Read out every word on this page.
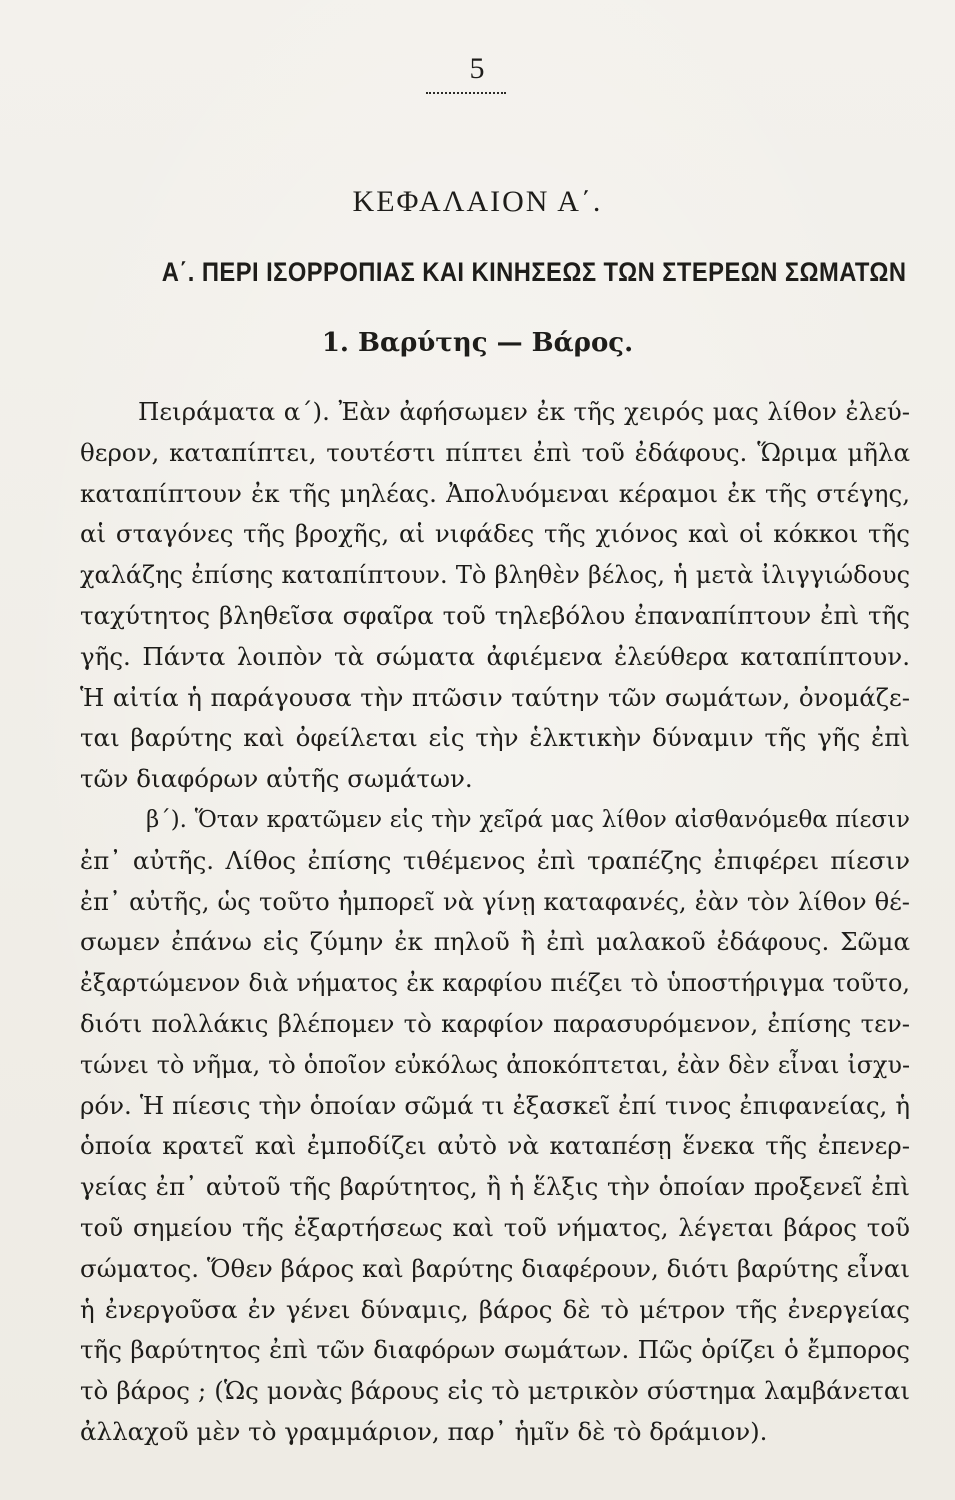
5
ΚΕΦΑΛΑΙΟΝ Α΄.
Α΄. ΠΕΡΙ ΙΣΟΡΡΟΠΙΑΣ ΚΑΙ ΚΙΝΗΣΕΩΣ ΤΩΝ ΣΤΕΡΕΩΝ ΣΩΜΑΤΩΝ
1. Βαρύτης — Βάρος.
Πειράματα α΄). Ἐὰν ἀφήσωμεν ἐκ τῆς χειρός μας λίθον ἐλεύ-
θερον, καταπίπτει, τουτέστι πίπτει ἐπὶ τοῦ ἐδάφους. Ὥριμα μῆλα
καταπίπτουν ἐκ τῆς μηλέας. Ἀπολυόμεναι κέραμοι ἐκ τῆς στέγης,
αἱ σταγόνες τῆς βροχῆς, αἱ νιφάδες τῆς χιόνος καὶ οἱ κόκκοι τῆς
χαλάζης ἐπίσης καταπίπτουν. Τὸ βληθὲν βέλος, ἡ μετὰ ἰλιγγιώδους
ταχύτητος βληθεῖσα σφαῖρα τοῦ τηλεβόλου ἐπαναπίπτουν ἐπὶ τῆς
γῆς. Πάντα λοιπὸν τὰ σώματα ἀφιέμενα ἐλεύθερα καταπίπτουν.
Ἡ αἰτία ἡ παράγουσα τὴν πτῶσιν ταύτην τῶν σωμάτων, ὀνομάζε-
ται βαρύτης καὶ ὀφείλεται εἰς τὴν ἑλκτικὴν δύναμιν τῆς γῆς ἐπὶ
τῶν διαφόρων αὐτῆς σωμάτων.
β΄). Ὅταν κρατῶμεν εἰς τὴν χεῖρά μας λίθον αἰσθανόμεθα πίεσιν
ἐπ᾽ αὐτῆς. Λίθος ἐπίσης τιθέμενος ἐπὶ τραπέζης ἐπιφέρει πίεσιν
ἐπ᾽ αὐτῆς, ὡς τοῦτο ἠμπορεῖ νὰ γίνῃ καταφανές, ἐὰν τὸν λίθον θέ-
σωμεν ἐπάνω εἰς ζύμην ἐκ πηλοῦ ἢ ἐπὶ μαλακοῦ ἐδάφους. Σῶμα
ἐξαρτώμενον διὰ νήματος ἐκ καρφίου πιέζει τὸ ὑποστήριγμα τοῦτο,
διότι πολλάκις βλέπομεν τὸ καρφίον παρασυρόμενον, ἐπίσης τεν-
τώνει τὸ νῆμα, τὸ ὁποῖον εὐκόλως ἀποκόπτεται, ἐὰν δὲν εἶναι ἰσχυ-
ρόν. Ἡ πίεσις τὴν ὁποίαν σῶμά τι ἐξασκεῖ ἐπί τινος ἐπιφανείας, ἡ
ὁποία κρατεῖ καὶ ἐμποδίζει αὐτὸ νὰ καταπέσῃ ἕνεκα τῆς ἐπενερ-
γείας ἐπ᾽ αὐτοῦ τῆς βαρύτητος, ἢ ἡ ἕλξις τὴν ὁποίαν προξενεῖ ἐπὶ
τοῦ σημείου τῆς ἐξαρτήσεως καὶ τοῦ νήματος, λέγεται βάρος τοῦ
σώματος. Ὅθεν βάρος καὶ βαρύτης διαφέρουν, διότι βαρύτης εἶναι
ἡ ἐνεργοῦσα ἐν γένει δύναμις, βάρος δὲ τὸ μέτρον τῆς ἐνεργείας
τῆς βαρύτητος ἐπὶ τῶν διαφόρων σωμάτων. Πῶς ὁρίζει ὁ ἔμπορος
τὸ βάρος ; (Ὡς μονὰς βάρους εἰς τὸ μετρικὸν σύστημα λαμβάνεται
ἀλλαχοῦ μὲν τὸ γραμμάριον, παρ᾽ ἡμῖν δὲ τὸ δράμιον).
